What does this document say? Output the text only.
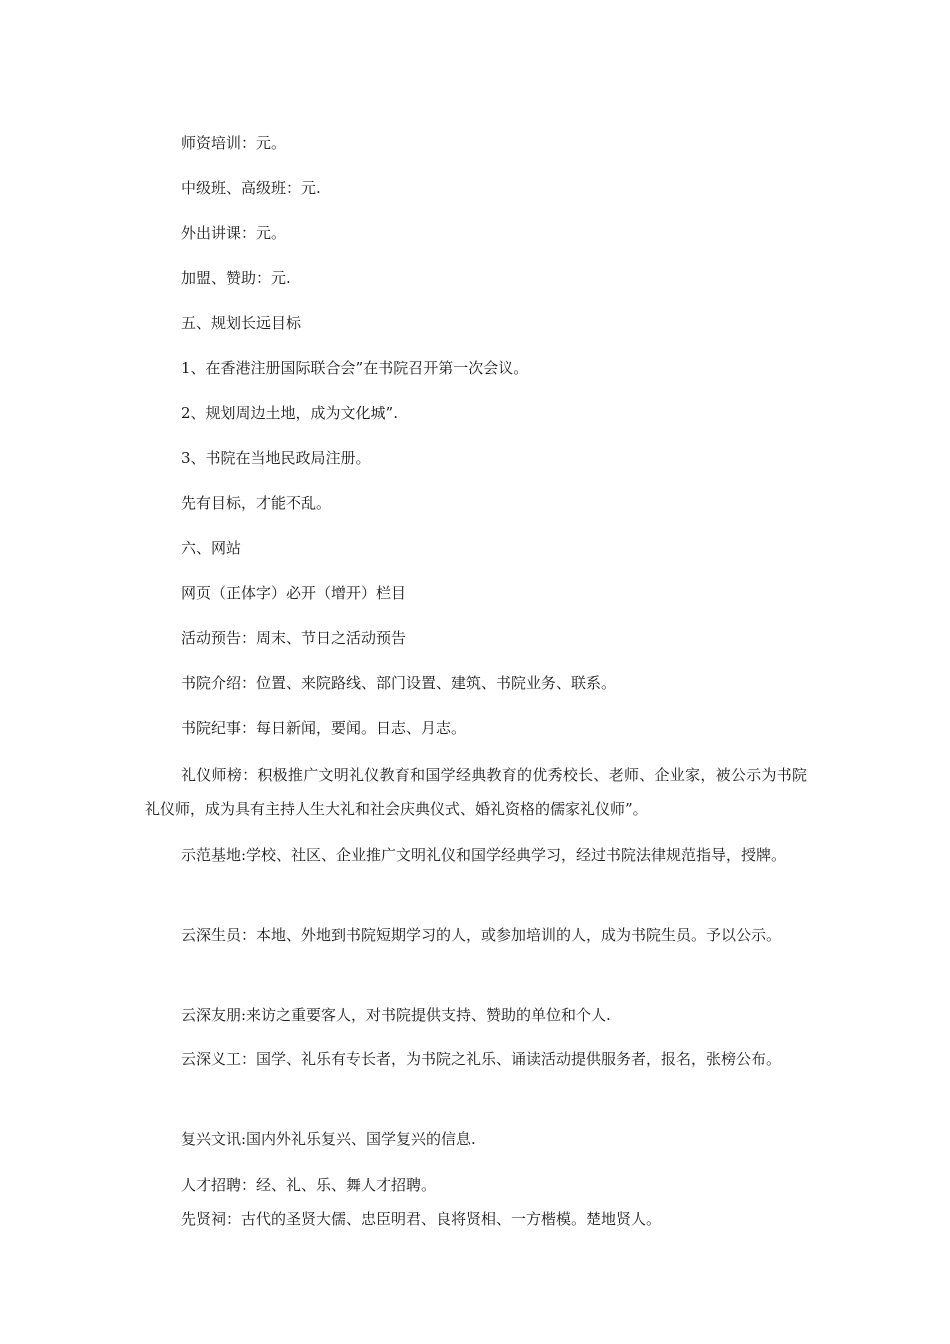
师资培训：元。
中级班、高级班：元.
外出讲课：元。
加盟、赞助：元.
五、规划长远目标
1、在香港注册国际联合会”在书院召开第一次会议。
2、规划周边土地，成为文化城”.
3、书院在当地民政局注册。
先有目标，才能不乱。
六、网站
网页（正体字）必开（增开）栏目
活动预告：周末、节日之活动预告
书院介绍：位置、来院路线、部门设置、建筑、书院业务、联系。
书院纪事：每日新闻，要闻。日志、月志。
礼仪师榜：积极推广文明礼仪教育和国学经典教育的优秀校长、老师、企业家，被公示为书院礼仪师，成为具有主持人生大礼和社会庆典仪式、婚礼资格的儒家礼仪师”。
示范基地:学校、社区、企业推广文明礼仪和国学经典学习，经过书院法律规范指导，授牌。
云深生员：本地、外地到书院短期学习的人，或参加培训的人，成为书院生员。予以公示。
云深友朋:来访之重要客人，对书院提供支持、赞助的单位和个人.
云深义工：国学、礼乐有专长者，为书院之礼乐、诵读活动提供服务者，报名，张榜公布。
复兴文讯:国内外礼乐复兴、国学复兴的信息.
人才招聘：经、礼、乐、舞人才招聘。
先贤祠：古代的圣贤大儒、忠臣明君、良将贤相、一方楷模。楚地贤人。
